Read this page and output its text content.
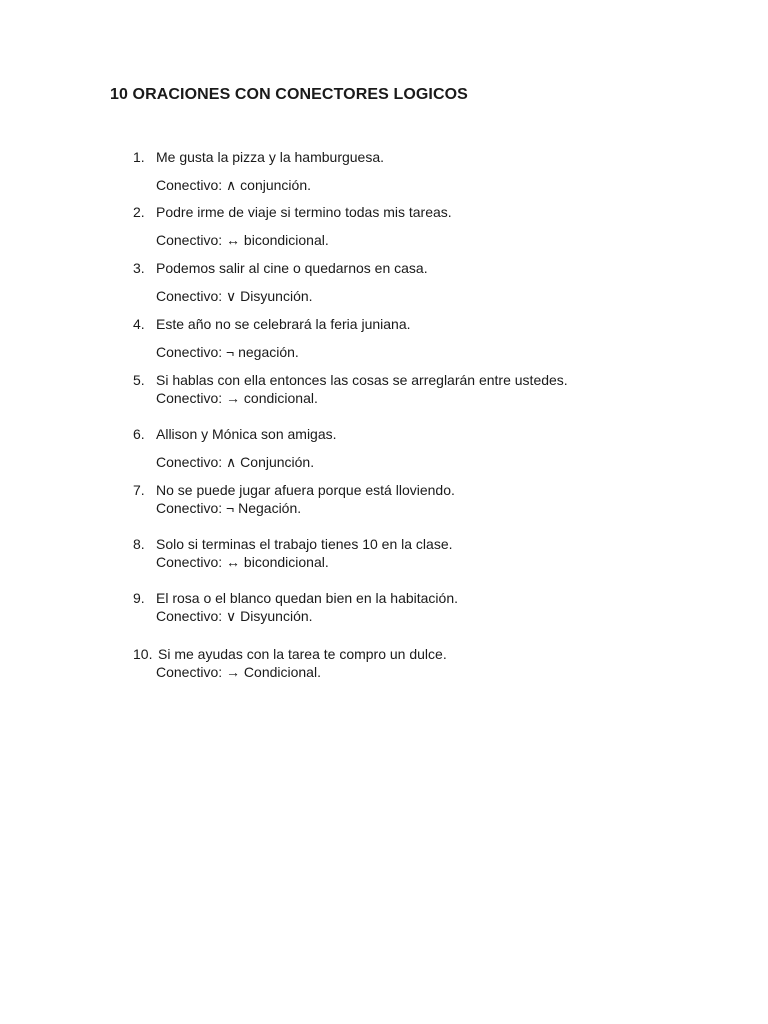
10 ORACIONES CON CONECTORES LOGICOS

1. Me gusta la pizza y la hamburguesa.

Conectivo: ∧ conjunción.

2. Podre irme de viaje si termino todas mis tareas.

Conectivo: ↔ bicondicional.

3. Podemos salir al cine o quedarnos en casa.

Conectivo: ∨ Disyunción.

4. Este año no se celebrará la feria juniana.

Conectivo: ¬ negación.

5. Si hablas con ella entonces las cosas se arreglarán entre ustedes.

Conectivo: → condicional.

6. Allison y Mónica son amigas.

Conectivo: ∧ Conjunción.

7. No se puede jugar afuera porque está lloviendo.

Conectivo: ¬ Negación.

8. Solo si terminas el trabajo tienes 10 en la clase.

Conectivo: ↔ bicondicional.

9. El rosa o el blanco quedan bien en la habitación.

Conectivo: ∨ Disyunción.

10. Si me ayudas con la tarea te compro un dulce.

Conectivo: → Condicional.
